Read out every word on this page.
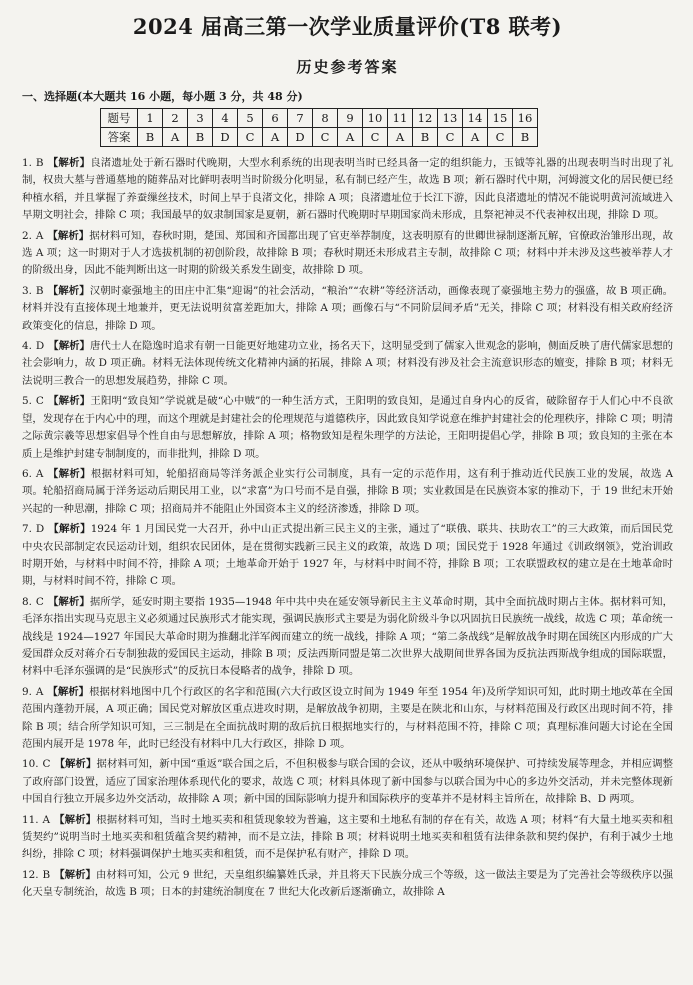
2024 届高三第一次学业质量评价(T8 联考)
历史参考答案
一、选择题(本大题共 16 小题，每小题 3 分，共 48 分)
题号	1	2	3	4	5	6	7	8	9	10	11	12	13	14	15	16
答案	B	A	B	D	C	A	D	C	A	C	A	B	C	A	C	B

1. B 【解析】良渚遗址处于新石器时代晚期，大型水利系统的出现表明当时已经具备一定的组织能力，玉钺等礼器的出现表明当时出现了礼制，权贵大墓与普通墓地的随葬品对比鲜明表明当时阶级分化明显，私有制已经产生，故选 B 项；新石器时代中期，河姆渡文化的居民便已经种植水稻，并且掌握了养蚕缫丝技术，时间上早于良渚文化，排除 A 项；良渚遗址位于长江下游，因此良渚遗址的情况不能说明黄河流域进入早期文明社会，排除 C 项；我国最早的奴隶制国家是夏朝，新石器时代晚期时早期国家尚未形成，且祭祀神灵不代表神权出现，排除 D 项。

2. A 【解析】据材料可知，春秋时期，楚国、郑国和齐国都出现了官吏举荐制度，这表明原有的世卿世禄制逐渐瓦解，官僚政治雏形出现，故选 A 项；这一时期对于人才选拔机制的初创阶段，故排除 B 项；春秋时期还未形成君主专制，故排除 C 项；材料中并未涉及这些被举荐人才的阶级出身，因此不能判断出这一时期的阶级关系发生剧变，故排除 D 项。

3. B 【解析】汉朝时豪强地主的田庄中汇集“迎谒”的社会活动，“粮治”“农耕”等经济活动，画像表现了豪强地主势力的强盛，故 B 项正确。材料并没有直接体现土地兼并，更无法说明贫富差距加大，排除 A 项；画像石与“不同阶层间矛盾”无关，排除 C 项；材料没有相关政府经济政策变化的信息，排除 D 项。

4. D 【解析】唐代士人在隐逸时追求有朝一日能更好地建功立业，扬名天下，这明显受到了儒家入世观念的影响，侧面反映了唐代儒家思想的社会影响力，故 D 项正确。材料无法体现传统文化精神内涵的拓展，排除 A 项；材料没有涉及社会主流意识形态的嬗变，排除 B 项；材料无法说明三教合一的思想发展趋势，排除 C 项。

5. C 【解析】王阳明“致良知”学说就是破“心中贼”的一种生活方式，王阳明的致良知，是通过自身内心的反省，破除留存于人们心中不良欲望，发现存在于内心中的理，而这个理就是封建社会的伦理规范与道德秩序，因此致良知学说意在维护封建社会的伦理秩序，排除 C 项；明清之际黄宗羲等思想家倡导个性自由与思想解放，排除 A 项；格物致知是程朱理学的方法论，王阳明提倡心学，排除 B 项；致良知的主张在本质上是维护封建专制制度的，而非批判，排除 D 项。

6. A 【解析】根据材料可知，轮船招商局等洋务派企业实行公司制度，具有一定的示范作用，这有利于推动近代民族工业的发展，故选 A 项。轮船招商局属于洋务运动后期民用工业，以“求富”为口号而不是自强，排除 B 项；实业救国是在民族资本家的推动下，于 19 世纪末开始兴起的一种思潮，排除 C 项；招商局并不能阻止外国资本主义的经济渗透，排除 D 项。

7. D 【解析】1924 年 1 月国民党一大召开，孙中山正式提出新三民主义的主张，通过了“联俄、联共、扶助农工”的三大政策，而后国民党中央农民部制定农民运动计划，组织农民团体，是在贯彻实践新三民主义的政策，故选 D 项；国民党于 1928 年通过《训政纲领》，党治训政时期开始，与材料中时间不符，排除 A 项；土地革命开始于 1927 年，与材料中时间不符，排除 B 项；工农联盟政权的建立是在土地革命时期，与材料时间不符，排除 C 项。

8. C 【解析】据所学，延安时期主要指 1935—1948 年中共中央在延安领导新民主主义革命时期，其中全面抗战时期占主体。据材料可知，毛泽东指出实现马克思主义必须通过民族形式才能实现，强调民族形式主要是为弱化阶级斗争以巩固抗日民族统一战线，故选 C 项；革命统一战线是 1924—1927 年国民大革命时期为推翻北洋军阀而建立的统一战线，排除 A 项；“第二条战线”是解放战争时期在国统区内形成的广大爱国群众反对蒋介石专制独裁的爱国民主运动，排除 B 项；反法西斯同盟是第二次世界大战期间世界各国为反抗法西斯战争组成的国际联盟，材料中毛泽东强调的是“民族形式”的反抗日本侵略者的战争，排除 D 项。

9. A 【解析】根据材料地图中几个行政区的名字和范围(六大行政区设立时间为 1949 年至 1954 年)及所学知识可知，此时期土地改革在全国范围内蓬勃开展，A 项正确；国民党对解放区重点进攻时期，是解放战争初期，主要是在陕北和山东，与材料范围及行政区出现时间不符，排除 B 项；结合所学知识可知，三三制是在全面抗战时期的敌后抗日根据地实行的，与材料范围不符，排除 C 项；真理标准问题大讨论在全国范围内展开是 1978 年，此时已经没有材料中几大行政区，排除 D 项。

10. C 【解析】据材料可知，新中国“重返”联合国之后，不但积极参与联合国的会议，还从中吸纳环境保护、可持续发展等理念，并相应调整了政府部门设置，适应了国家治理体系现代化的要求，故选 C 项；材料具体现了新中国参与以联合国为中心的多边外交活动，并未完整体现新中国自行独立开展多边外交活动，故排除 A 项；新中国的国际影响力提升和国际秩序的变革并不是材料主旨所在，故排除 B、D 两项。

11. A 【解析】根据材料可知，当时土地买卖和租赁现象较为普遍，这主要和土地私有制的存在有关，故选 A 项；材料“有大量土地买卖和租赁契约”说明当时土地买卖和租赁蕴含契约精神，而不是立法，排除 B 项；材料说明土地买卖和租赁有法律条款和契约保护，有利于减少土地纠纷，排除 C 项；材料强调保护土地买卖和租赁，而不是保护私有财产，排除 D 项。

12. B 【解析】由材料可知，公元 9 世纪，天皇组织编纂姓氏录，并且将天下民族分成三个等级，这一做法主要是为了完善社会等级秩序以强化天皇专制统治，故选 B 项；日本的封建统治制度在 7 世纪大化改新后逐渐确立，故排除 A
